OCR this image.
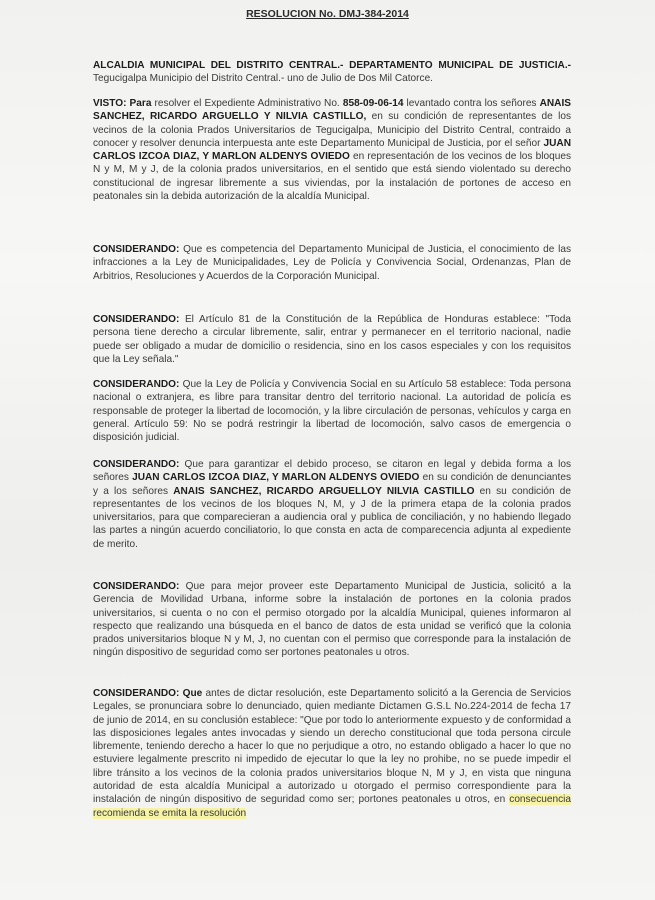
RESOLUCION No. DMJ-384-2014

ALCALDIA MUNICIPAL DEL DISTRITO CENTRAL.- DEPARTAMENTO MUNICIPAL DE JUSTICIA.- Tegucigalpa Municipio del Distrito Central.- uno de Julio de Dos Mil Catorce.

VISTO: Para resolver el Expediente Administrativo No. 858-09-06-14 levantado contra los señores ANAIS SANCHEZ, RICARDO ARGUELLO Y NILVIA CASTILLO, en su condición de representantes de los vecinos de la colonia Prados Universitarios de Tegucigalpa, Municipio del Distrito Central, contraido a conocer y resolver denuncia interpuesta ante este Departamento Municipal de Justicia, por el señor JUAN CARLOS IZCOA DIAZ, Y MARLON ALDENYS OVIEDO en representación de los vecinos de los bloques N y M, M y J, de la colonia prados universitarios, en el sentido que está siendo violentado su derecho constitucional de ingresar libremente a sus viviendas, por la instalación de portones de acceso en peatonales sin la debida autorización de la alcaldía Municipal.

CONSIDERANDO: Que es competencia del Departamento Municipal de Justicia, el conocimiento de las infracciones a la Ley de Municipalidades, Ley de Policía y Convivencia Social, Ordenanzas, Plan de Arbitrios, Resoluciones y Acuerdos de la Corporación Municipal.

CONSIDERANDO: El Artículo 81 de la Constitución de la República de Honduras establece: "Toda persona tiene derecho a circular libremente, salir, entrar y permanecer en el territorio nacional, nadie puede ser obligado a mudar de domicilio o residencia, sino en los casos especiales y con los requisitos que la Ley señala."

CONSIDERANDO: Que la Ley de Policía y Convivencia Social en su Artículo 58 establece: Toda persona nacional o extranjera, es libre para transitar dentro del territorio nacional. La autoridad de policía es responsable de proteger la libertad de locomoción, y la libre circulación de personas, vehículos y carga en general. Artículo 59: No se podrá restringir la libertad de locomoción, salvo casos de emergencia o disposición judicial.

CONSIDERANDO: Que para garantizar el debido proceso, se citaron en legal y debida forma a los señores JUAN CARLOS IZCOA DIAZ, Y MARLON ALDENYS OVIEDO en su condición de denunciantes y a los señores ANAIS SANCHEZ, RICARDO ARGUELLOY NILVIA CASTILLO en su condición de representantes de los vecinos de los bloques N, M, y J de la primera etapa de la colonia prados universitarios, para que comparecieran a audiencia oral y publica de conciliación, y no habiendo llegado las partes a ningún acuerdo conciliatorio, lo que consta en acta de comparecencia adjunta al expediente de merito.

CONSIDERANDO: Que para mejor proveer este Departamento Municipal de Justicia, solicitó a la Gerencia de Movilidad Urbana, informe sobre la instalación de portones en la colonia prados universitarios, si cuenta o no con el permiso otorgado por la alcaldía Municipal, quienes informaron al respecto que realizando una búsqueda en el banco de datos de esta unidad se verificó que la colonia prados universitarios bloque N y M, J, no cuentan con el permiso que corresponde para la instalación de ningún dispositivo de seguridad como ser portones peatonales u otros.

CONSIDERANDO: Que antes de dictar resolución, este Departamento solicitó a la Gerencia de Servicios Legales, se pronunciara sobre lo denunciado, quien mediante Dictamen G.S.L No.224-2014 de fecha 17 de junio de 2014, en su conclusión establece: "Que por todo lo anteriormente expuesto y de conformidad a las disposiciones legales antes invocadas y siendo un derecho constitucional que toda persona circule libremente, teniendo derecho a hacer lo que no perjudique a otro, no estando obligado a hacer lo que no estuviere legalmente prescrito ni impedido de ejecutar lo que la ley no prohibe, no se puede impedir el libre tránsito a los vecinos de la colonia prados universitarios bloque N, M y J, en vista que ninguna autoridad de esta alcaldía Municipal a autorizado u otorgado el permiso correspondiente para la instalación de ningún dispositivo de seguridad como ser; portones peatonales u otros, en consecuencia recomienda se emita la resolución
